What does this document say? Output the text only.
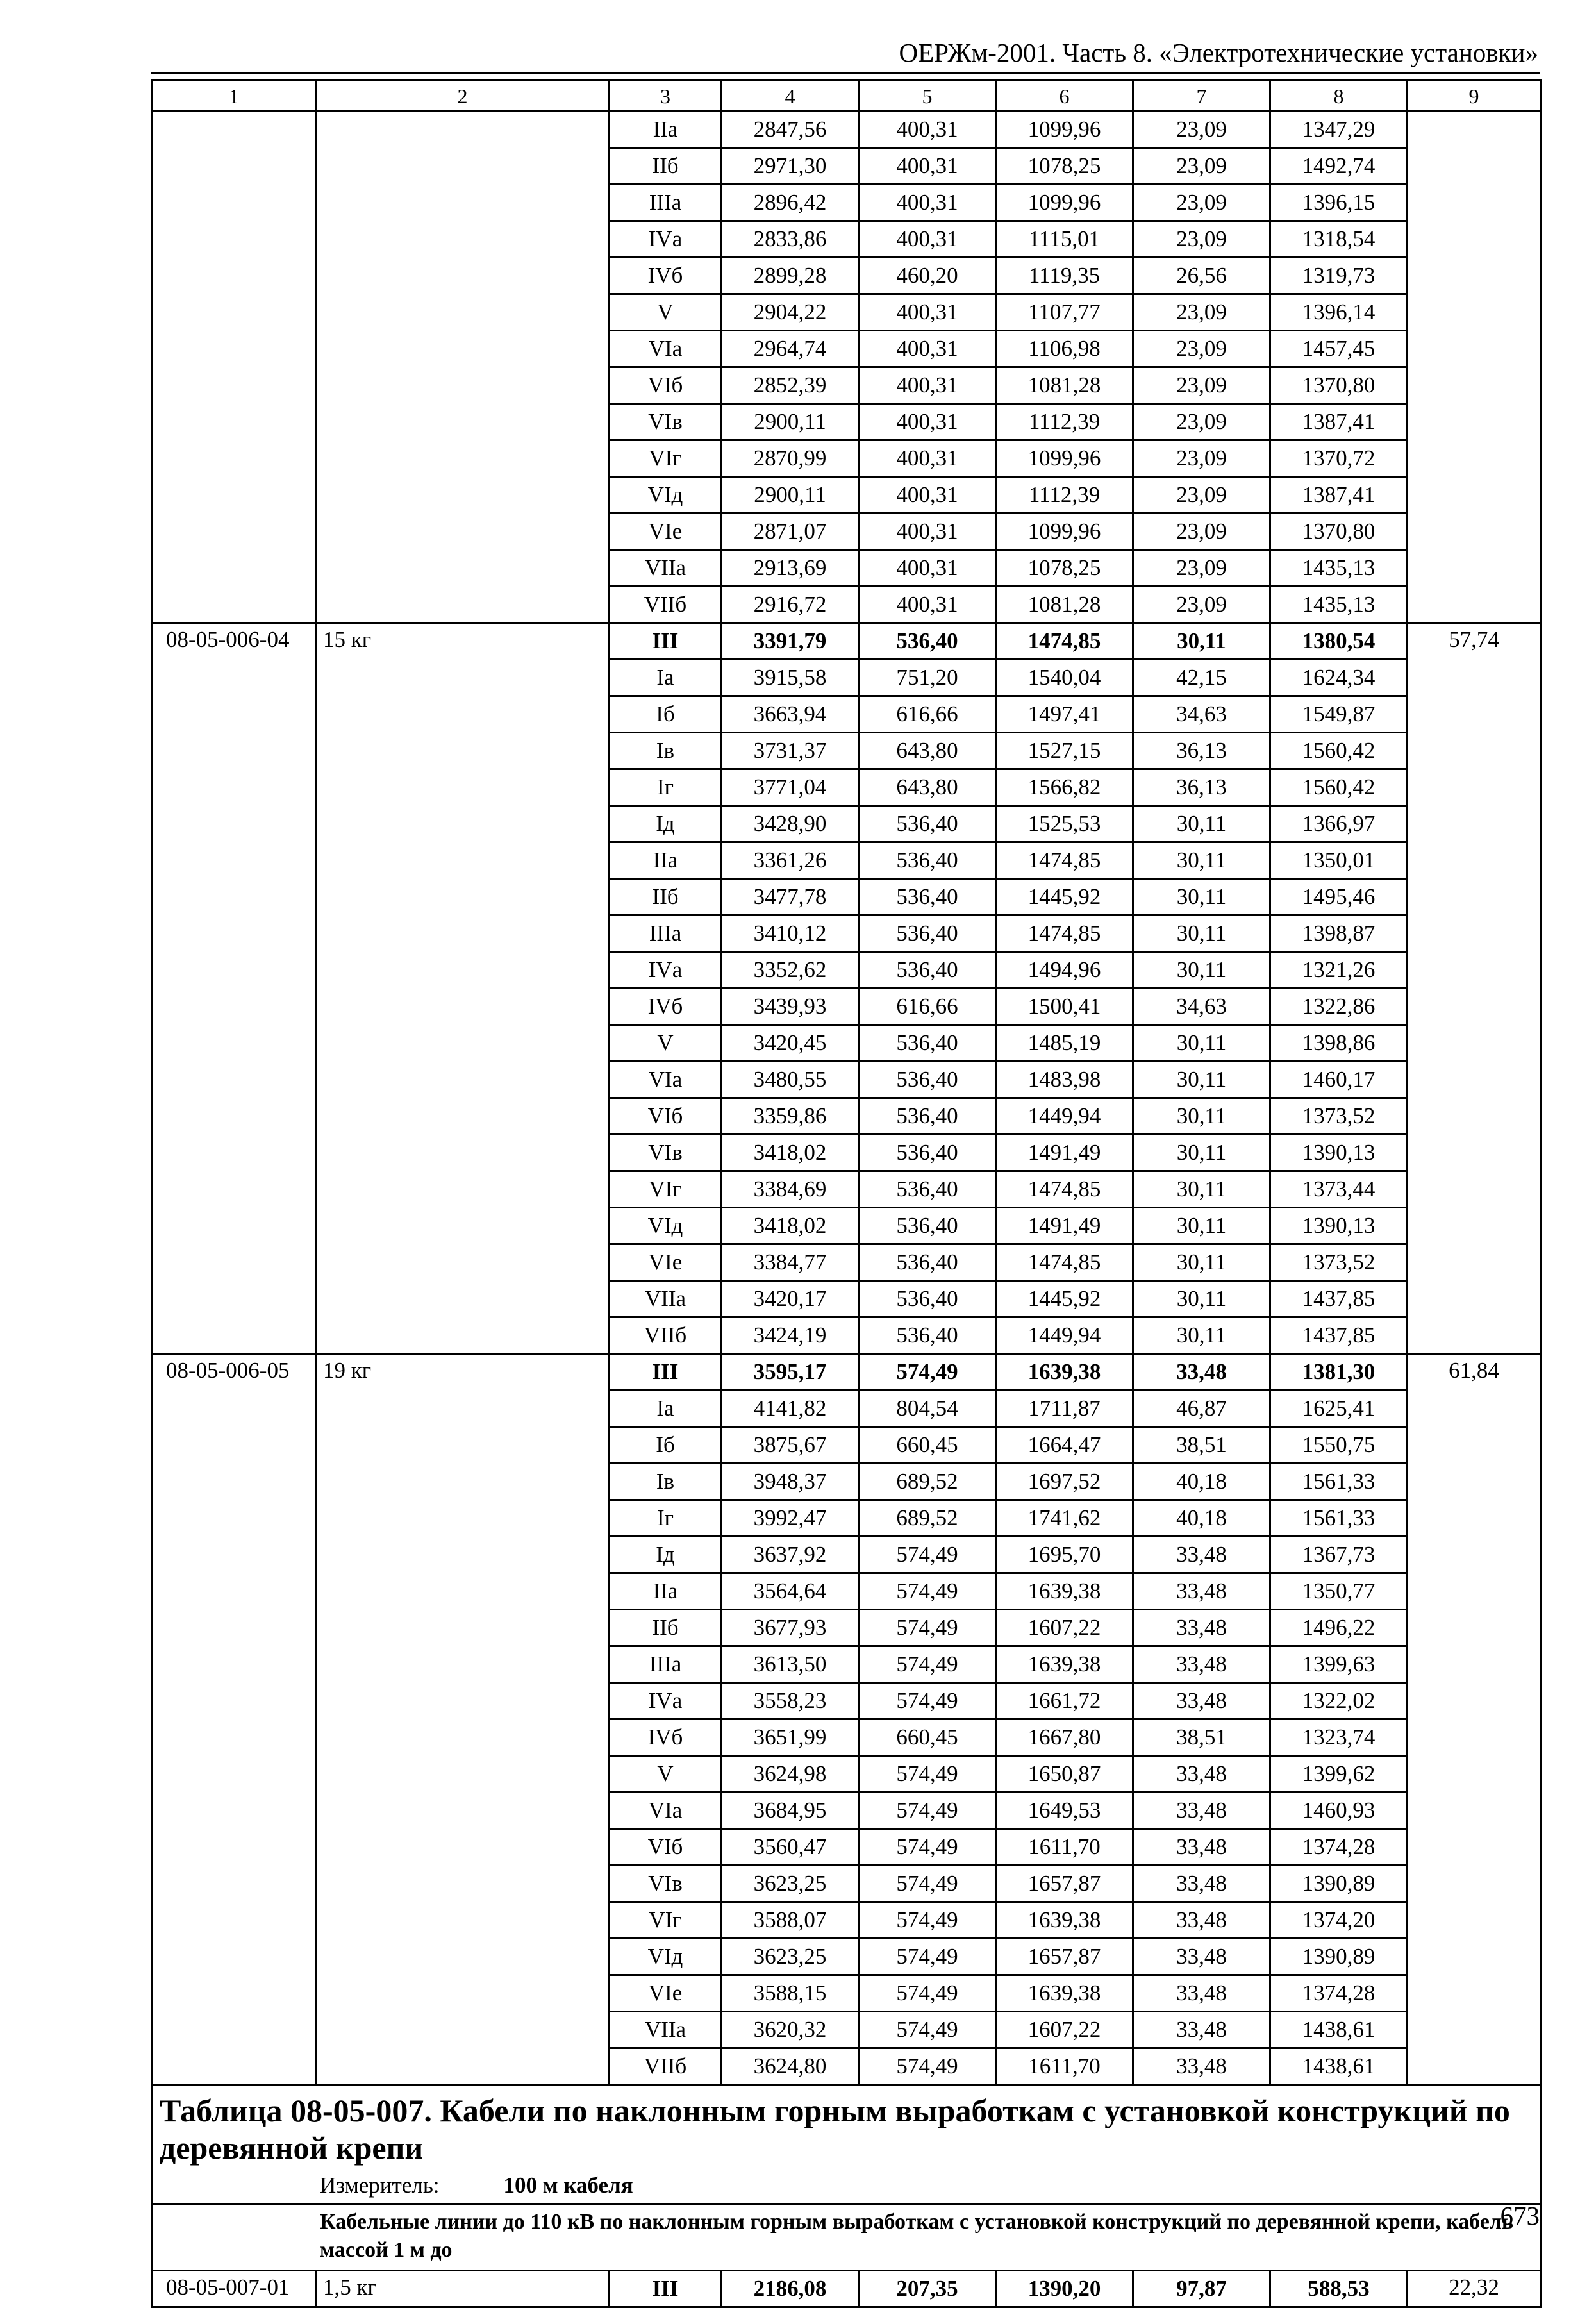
ОЕРЖм-2001. Часть 8. «Электротехнические установки»
1	2	3	4	5	6	7	8	9
		IIа	2847,56	400,31	1099,96	23,09	1347,29	
		IIб	2971,30	400,31	1078,25	23,09	1492,74	
		IIIа	2896,42	400,31	1099,96	23,09	1396,15	
		IVа	2833,86	400,31	1115,01	23,09	1318,54	
		IVб	2899,28	460,20	1119,35	26,56	1319,73	
		V	2904,22	400,31	1107,77	23,09	1396,14	
		VIа	2964,74	400,31	1106,98	23,09	1457,45	
		VIб	2852,39	400,31	1081,28	23,09	1370,80	
		VIв	2900,11	400,31	1112,39	23,09	1387,41	
		VIг	2870,99	400,31	1099,96	23,09	1370,72	
		VIд	2900,11	400,31	1112,39	23,09	1387,41	
		VIе	2871,07	400,31	1099,96	23,09	1370,80	
		VIIа	2913,69	400,31	1078,25	23,09	1435,13	
		VIIб	2916,72	400,31	1081,28	23,09	1435,13	
08-05-006-04	15 кг	III	3391,79	536,40	1474,85	30,11	1380,54	57,74
		Iа	3915,58	751,20	1540,04	42,15	1624,34	
		Iб	3663,94	616,66	1497,41	34,63	1549,87	
		Iв	3731,37	643,80	1527,15	36,13	1560,42	
		Iг	3771,04	643,80	1566,82	36,13	1560,42	
		Iд	3428,90	536,40	1525,53	30,11	1366,97	
		IIа	3361,26	536,40	1474,85	30,11	1350,01	
		IIб	3477,78	536,40	1445,92	30,11	1495,46	
		IIIа	3410,12	536,40	1474,85	30,11	1398,87	
		IVа	3352,62	536,40	1494,96	30,11	1321,26	
		IVб	3439,93	616,66	1500,41	34,63	1322,86	
		V	3420,45	536,40	1485,19	30,11	1398,86	
		VIа	3480,55	536,40	1483,98	30,11	1460,17	
		VIб	3359,86	536,40	1449,94	30,11	1373,52	
		VIв	3418,02	536,40	1491,49	30,11	1390,13	
		VIг	3384,69	536,40	1474,85	30,11	1373,44	
		VIд	3418,02	536,40	1491,49	30,11	1390,13	
		VIе	3384,77	536,40	1474,85	30,11	1373,52	
		VIIа	3420,17	536,40	1445,92	30,11	1437,85	
		VIIб	3424,19	536,40	1449,94	30,11	1437,85	
08-05-006-05	19 кг	III	3595,17	574,49	1639,38	33,48	1381,30	61,84
		Iа	4141,82	804,54	1711,87	46,87	1625,41	
		Iб	3875,67	660,45	1664,47	38,51	1550,75	
		Iв	3948,37	689,52	1697,52	40,18	1561,33	
		Iг	3992,47	689,52	1741,62	40,18	1561,33	
		Iд	3637,92	574,49	1695,70	33,48	1367,73	
		IIа	3564,64	574,49	1639,38	33,48	1350,77	
		IIб	3677,93	574,49	1607,22	33,48	1496,22	
		IIIа	3613,50	574,49	1639,38	33,48	1399,63	
		IVа	3558,23	574,49	1661,72	33,48	1322,02	
		IVб	3651,99	660,45	1667,80	38,51	1323,74	
		V	3624,98	574,49	1650,87	33,48	1399,62	
		VIа	3684,95	574,49	1649,53	33,48	1460,93	
		VIб	3560,47	574,49	1611,70	33,48	1374,28	
		VIв	3623,25	574,49	1657,87	33,48	1390,89	
		VIг	3588,07	574,49	1639,38	33,48	1374,20	
		VIд	3623,25	574,49	1657,87	33,48	1390,89	
		VIе	3588,15	574,49	1639,38	33,48	1374,28	
		VIIа	3620,32	574,49	1607,22	33,48	1438,61	
		VIIб	3624,80	574,49	1611,70	33,48	1438,61	

Таблица 08-05-007. Кабели по наклонным горным выработкам с установкой конструкций по деревянной крепи
Измеритель: 100 м кабеля
Кабельные линии до 110 кВ по наклонным горным выработкам с установкой конструкций по деревянной крепи, кабель массой 1 м до								

08-05-007-01	1,5 кг	III	2186,08	207,35	1390,20	97,87	588,53	22,32
673
